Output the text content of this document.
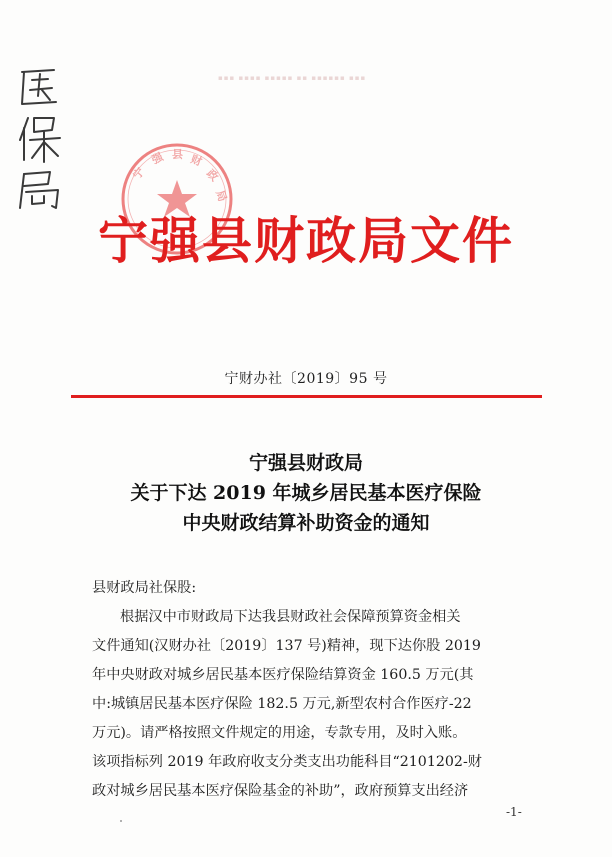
▪▪▪ ▪▪▪▪ ▪▪▪▪▪ ▪▪ ▪▪▪▪▪▪ ▪▪▪
宁
强 县 财
政
局
宁强县财政局文件
宁财办社〔2019〕95 号
宁强县财政局
关于下达 2019 年城乡居民基本医疗保险
中央财政结算补助资金的通知
县财政局社保股:
根据汉中市财政局下达我县财政社会保障预算资金相关
文件通知(汉财办社〔2019〕137 号)精神，现下达你股 2019
年中央财政对城乡居民基本医疗保险结算资金 160.5 万元(其
中:城镇居民基本医疗保险 182.5 万元,新型农村合作医疗-22
万元)。请严格按照文件规定的用途，专款专用，及时入账。
该项指标列 2019 年政府收支分类支出功能科目“2101202-财
政对城乡居民基本医疗保险基金的补助”，政府预算支出经济
-1-
